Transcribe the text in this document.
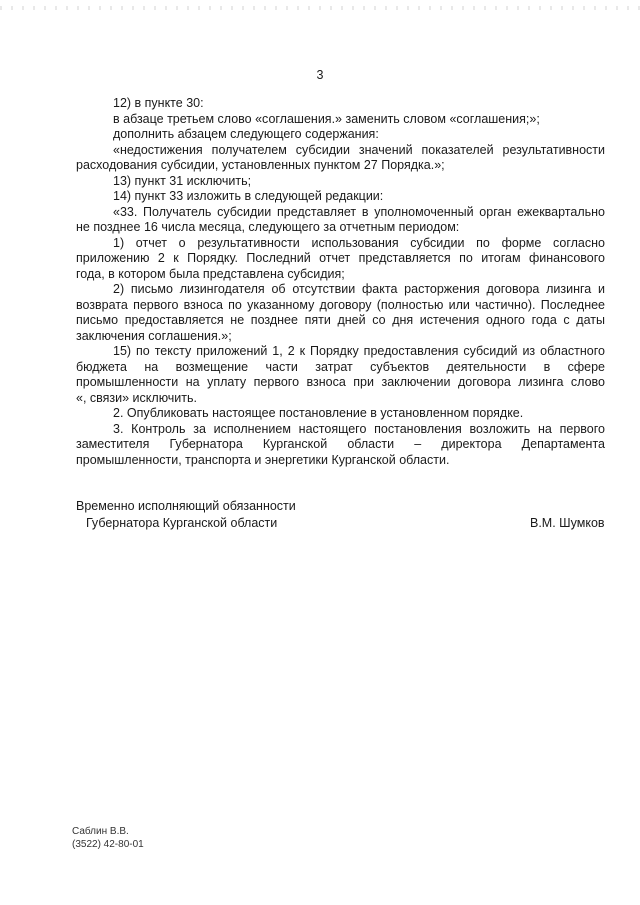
3
12) в пункте 30:
в абзаце третьем слово «соглашения.» заменить словом «соглашения;»;
дополнить абзацем следующего содержания:
«недостижения получателем субсидии значений показателей результативности
расходования субсидии, установленных пунктом 27 Порядка.»;
13) пункт 31 исключить;
14) пункт 33 изложить в следующей редакции:
«33. Получатель субсидии представляет в уполномоченный орган ежеквартально
не позднее 16 числа месяца, следующего за отчетным периодом:
1) отчет о результативности использования субсидии по форме согласно
приложению 2 к Порядку. Последний отчет представляется по итогам финансового
года, в котором была представлена субсидия;
2) письмо лизингодателя об отсутствии факта расторжения договора лизинга и
возврата первого взноса по указанному договору (полностью или частично). Последнее
письмо предоставляется не позднее пяти дней со дня истечения одного года с даты
заключения соглашения.»;
15) по тексту приложений 1, 2 к Порядку предоставления субсидий из областного
бюджета на возмещение части затрат субъектов деятельности в сфере
промышленности на уплату первого взноса при заключении договора лизинга слово
«, связи» исключить.
2. Опубликовать настоящее постановление в установленном порядке.
3. Контроль за исполнением настоящего постановления возложить на первого
заместителя Губернатора Курганской области – директора Департамента
промышленности, транспорта и энергетики Курганской области.
Временно исполняющий обязанности
Губернатора Курганской области	В.М. Шумков
Саблин В.В.
(3522) 42-80-01
